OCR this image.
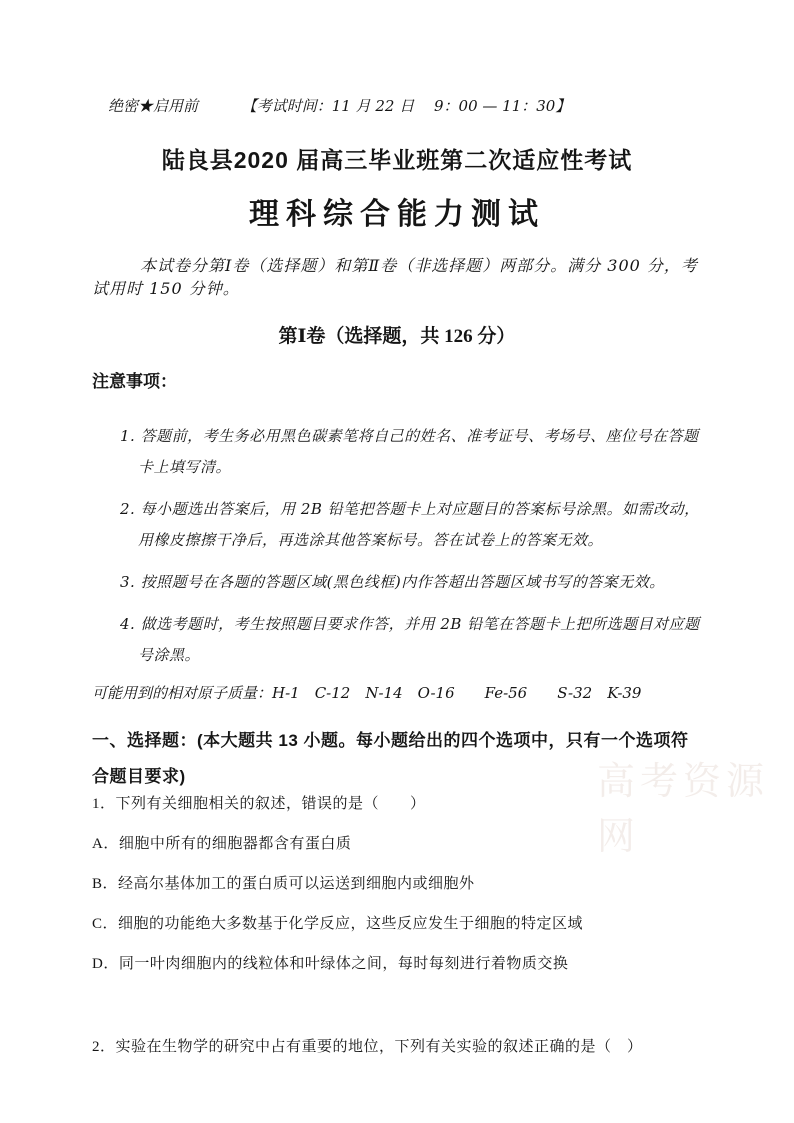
高考资源网
绝密★启用前	【考试时间：11 月 22 日　 9：00 — 11：30】
陆良县2020 届高三毕业班第二次适应性考试
理科综合能力测试

本试卷分第Ⅰ卷（选择题）和第Ⅱ卷（非选择题）两部分。满分 300 分，考试用时 150 分钟。

第Ⅰ卷（选择题，共 126 分）
注意事项：
1. 答题前，考生务必用黑色碳素笔将自己的姓名、准考证号、考场号、座位号在答题卡上填写清。
2. 每小题选出答案后，用 2B 铅笔把答题卡上对应题目的答案标号涂黑。如需改动，用橡皮擦擦干净后，再选涂其他答案标号。答在试卷上的答案无效。
3. 按照题号在各题的答题区域(黑色线框)内作答超出答题区域书写的答案无效。
4. 做选考题时，考生按照题目要求作答，并用 2B 铅笔在答题卡上把所选题目对应题号涂黑。

可能用到的相对原子质量：H-1　C-12　N-14　O-16　　Fe-56　　S-32　K-39

一、选择题：(本大题共 13 小题。每小题给出的四个选项中，只有一个选项符合题目要求)

1．下列有关细胞相关的叙述，错误的是（　　）

A．细胞中所有的细胞器都含有蛋白质

B．经高尔基体加工的蛋白质可以运送到细胞内或细胞外

C．细胞的功能绝大多数基于化学反应，这些反应发生于细胞的特定区域

D．同一叶肉细胞内的线粒体和叶绿体之间，每时每刻进行着物质交换

2．实验在生物学的研究中占有重要的地位，下列有关实验的叙述正确的是（　）
